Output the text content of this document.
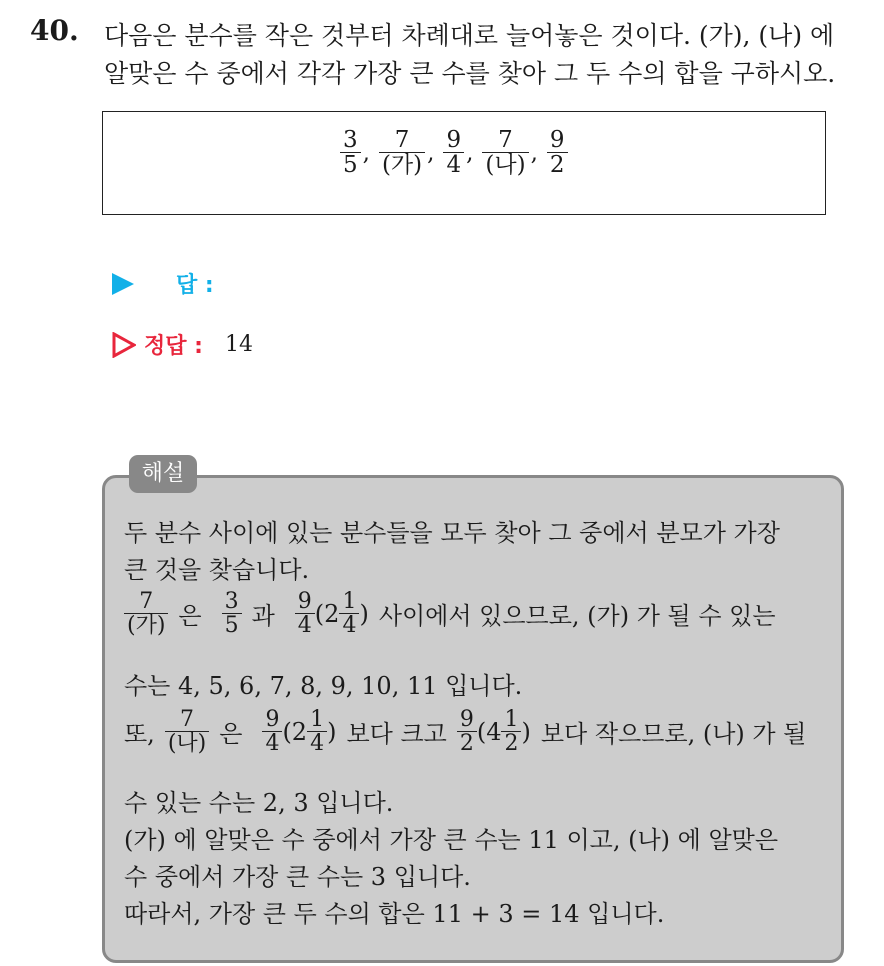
40. 다음은 분수를 작은 것부터 차례대로 늘어놓은 것이다. (가), (나) 에
알맞은 수 중에서 각각 가장 큰 수를 찾아 그 두 수의 합을 구하시오.
$\frac{3}{5}$ , $\frac{7}{\text{(가)}}$ , $\frac{9}{4}$ , $\frac{7}{\text{(나)}}$ , $\frac{9}{2}$
답 :
정답 : 14
해설
두 분수 사이에 있는 분수들을 모두 찾아 그 중에서 분모가 가장
큰 것을 찾습니다.
$\frac{7}{\text{(가)}}$ 은 $\frac{3}{5}$ 과 $\frac{9}{4} (2 \frac{1}{4}$ ) 사이에서 있으므로, (가) 가 될 수 있는
수는 4, 5, 6, 7, 8, 9, 10, 11 입니다.
또, $\frac{7}{\text{(나)}}$ 은 $\frac{9}{4} (2 \frac{1}{4}$ ) 보다 크고 $\frac{9}{2} (4 \frac{1}{2}$ ) 보다 작으므로, (나) 가 될
수 있는 수는 2, 3 입니다.
(가) 에 알맞은 수 중에서 가장 큰 수는 11 이고, (나) 에 알맞은
수 중에서 가장 큰 수는 3 입니다.
따라서, 가장 큰 두 수의 합은 11 + 3 = 14 입니다.
